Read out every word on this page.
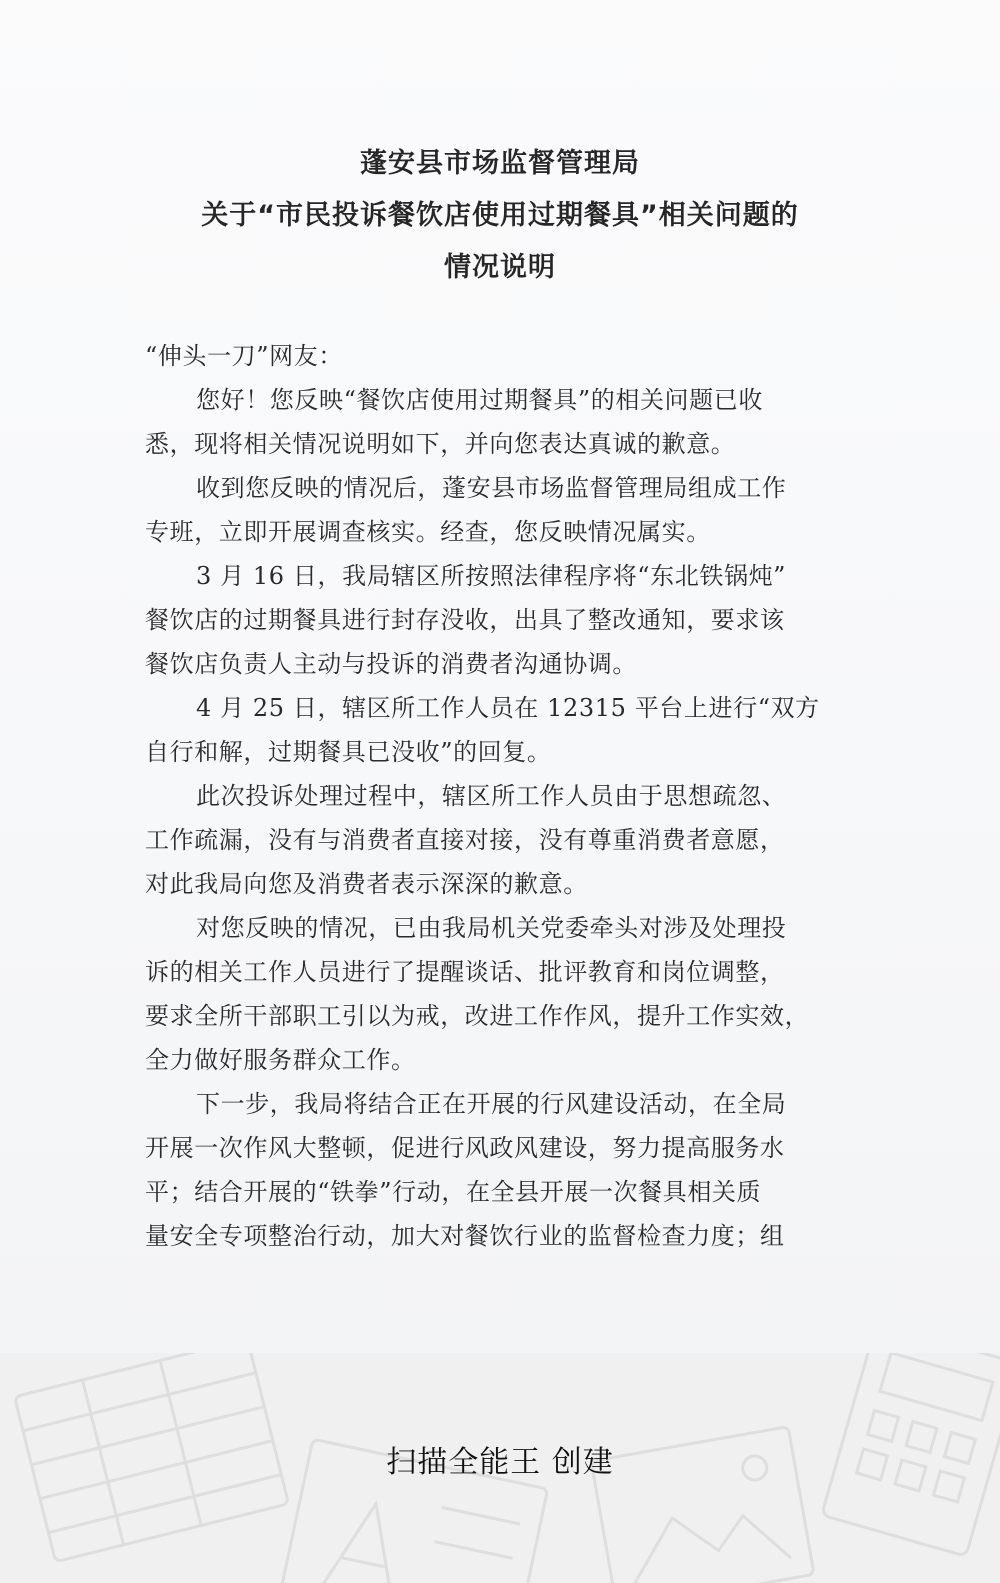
蓬安县市场监督管理局
关于“市民投诉餐饮店使用过期餐具”相关问题的
情况说明

“伸头一刀”网友：

您好！您反映“餐饮店使用过期餐具”的相关问题已收

悉，现将相关情况说明如下，并向您表达真诚的歉意。

收到您反映的情况后，蓬安县市场监督管理局组成工作

专班，立即开展调查核实。经查，您反映情况属实。

3 月 16 日，我局辖区所按照法律程序将“东北铁锅炖”

餐饮店的过期餐具进行封存没收，出具了整改通知，要求该

餐饮店负责人主动与投诉的消费者沟通协调。

4 月 25 日，辖区所工作人员在 12315 平台上进行“双方

自行和解，过期餐具已没收”的回复。

此次投诉处理过程中，辖区所工作人员由于思想疏忽、

工作疏漏，没有与消费者直接对接，没有尊重消费者意愿，

对此我局向您及消费者表示深深的歉意。

对您反映的情况，已由我局机关党委牵头对涉及处理投

诉的相关工作人员进行了提醒谈话、批评教育和岗位调整，

要求全所干部职工引以为戒，改进工作作风，提升工作实效，

全力做好服务群众工作。

下一步，我局将结合正在开展的行风建设活动，在全局

开展一次作风大整顿，促进行风政风建设，努力提高服务水

平；结合开展的“铁拳”行动，在全县开展一次餐具相关质

量安全专项整治行动，加大对餐饮行业的监督检查力度；组

扫描全能王 创建
